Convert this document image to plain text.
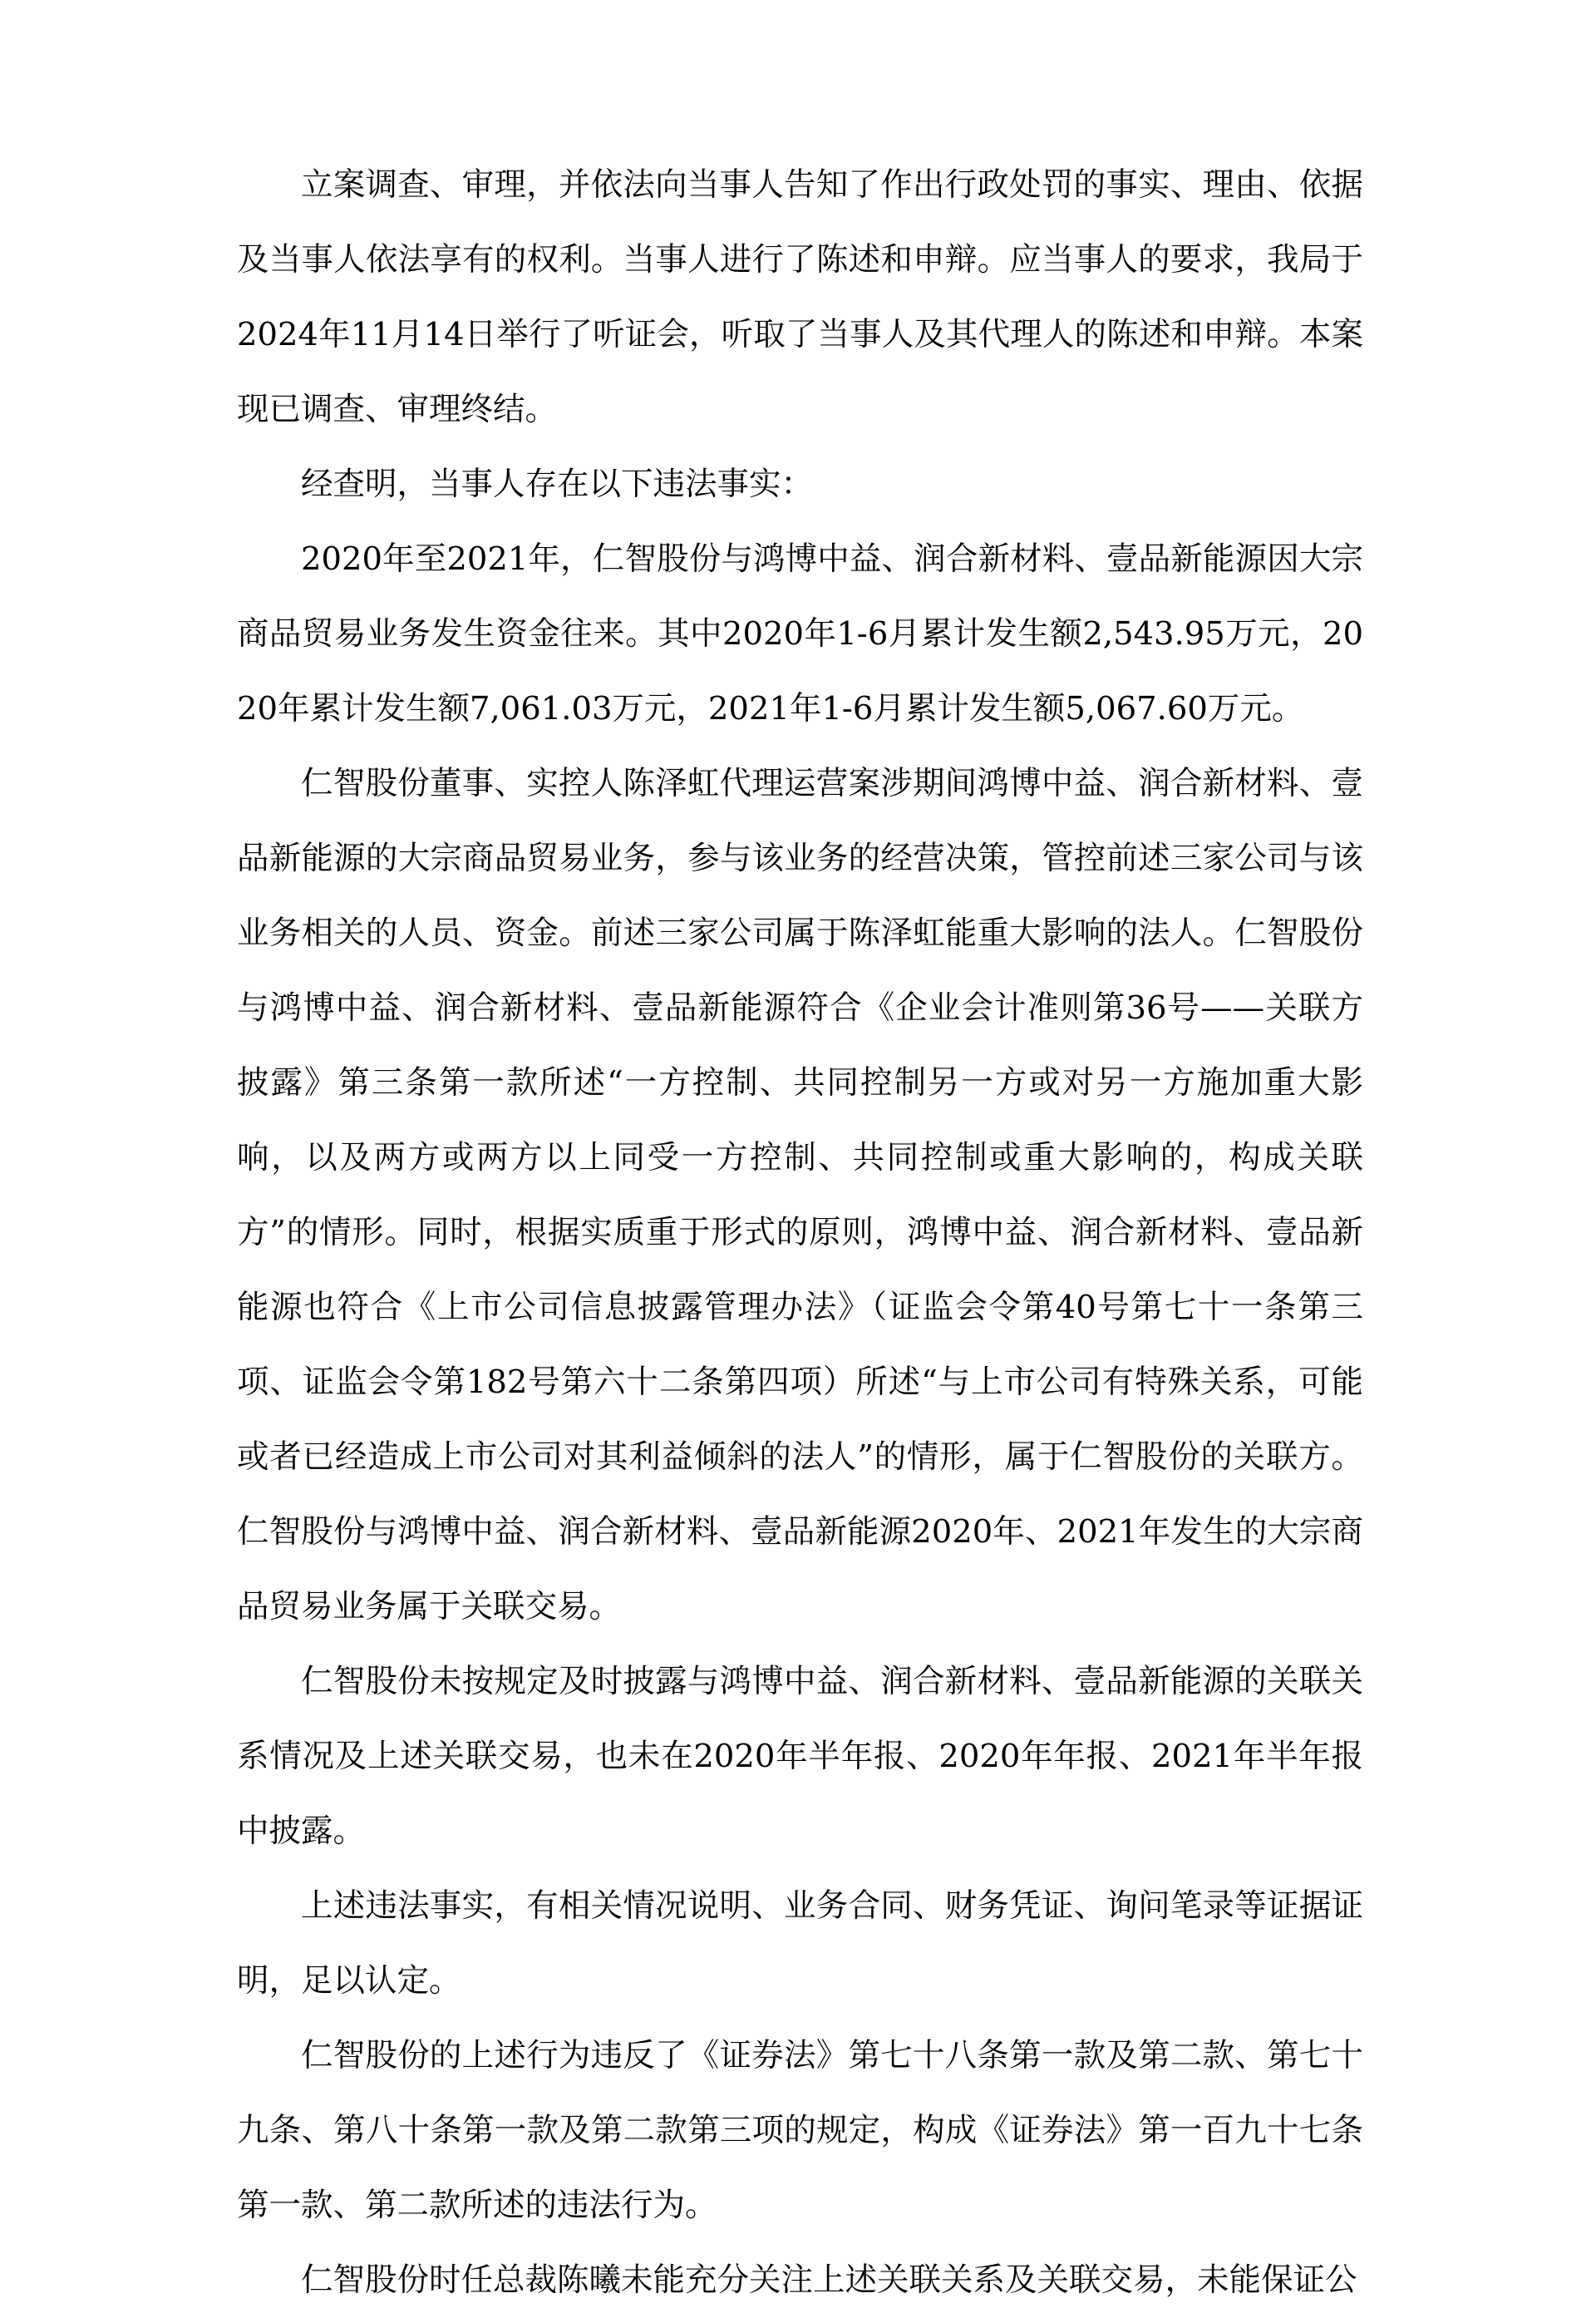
立案调查、审理，并依法向当事人告知了作出行政处罚的事实、理由、依据及当事人依法享有的权利。当事人进行了陈述和申辩。应当事人的要求，我局于2024年11月14日举行了听证会，听取了当事人及其代理人的陈述和申辩。本案现已调查、审理终结。

经查明，当事人存在以下违法事实：

2020年至2021年，仁智股份与鸿博中益、润合新材料、壹品新能源因大宗商品贸易业务发生资金往来。其中2020年1-6月累计发生额2,543.95万元，2020年累计发生额7,061.03万元，2021年1-6月累计发生额5,067.60万元。

仁智股份董事、实控人陈泽虹代理运营案涉期间鸿博中益、润合新材料、壹品新能源的大宗商品贸易业务，参与该业务的经营决策，管控前述三家公司与该业务相关的人员、资金。前述三家公司属于陈泽虹能重大影响的法人。仁智股份与鸿博中益、润合新材料、壹品新能源符合《企业会计准则第36号——关联方披露》第三条第一款所述“一方控制、共同控制另一方或对另一方施加重大影响，以及两方或两方以上同受一方控制、共同控制或重大影响的，构成关联方”的情形。同时，根据实质重于形式的原则，鸿博中益、润合新材料、壹品新能源也符合《上市公司信息披露管理办法》（证监会令第40号第七十一条第三项、证监会令第182号第六十二条第四项）所述“与上市公司有特殊关系，可能或者已经造成上市公司对其利益倾斜的法人”的情形，属于仁智股份的关联方。仁智股份与鸿博中益、润合新材料、壹品新能源2020年、2021年发生的大宗商品贸易业务属于关联交易。

仁智股份未按规定及时披露与鸿博中益、润合新材料、壹品新能源的关联关系情况及上述关联交易，也未在2020年半年报、2020年年报、2021年半年报中披露。

上述违法事实，有相关情况说明、业务合同、财务凭证、询问笔录等证据证明，足以认定。

仁智股份的上述行为违反了《证券法》第七十八条第一款及第二款、第七十九条、第八十条第一款及第二款第三项的规定，构成《证券法》第一百九十七条第一款、第二款所述的违法行为。

仁智股份时任总裁陈曦未能充分关注上述关联关系及关联交易，未能保证公
